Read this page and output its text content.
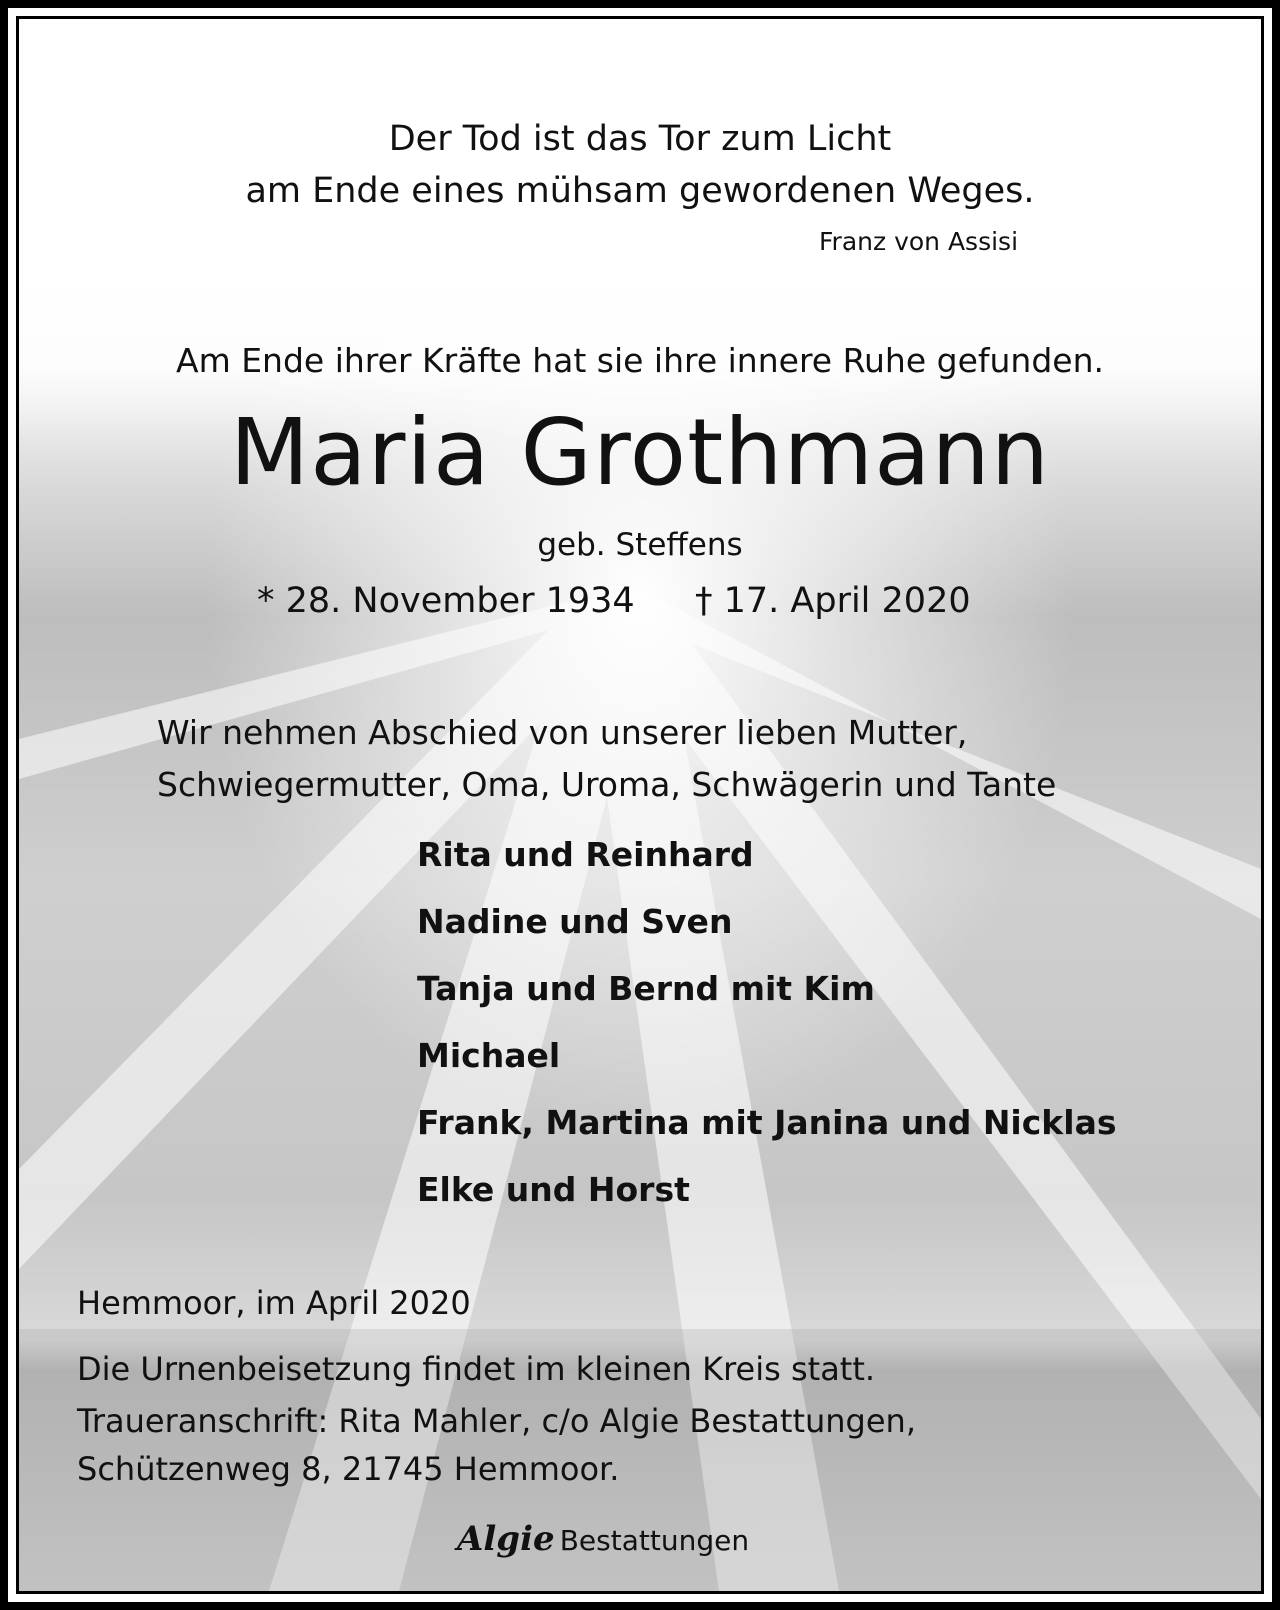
Der Tod ist das Tor zum Licht
am Ende eines mühsam gewordenen Weges.
Franz von Assisi
Am Ende ihrer Kräfte hat sie ihre innere Ruhe gefunden.
Maria Grothmann
geb. Steffens
* 28. November 1934 † 17. April 2020
Wir nehmen Abschied von unserer lieben Mutter,
Schwiegermutter, Oma, Uroma, Schwägerin und Tante
Rita und Reinhard
Nadine und Sven
Tanja und Bernd mit Kim
Michael
Frank, Martina mit Janina und Nicklas
Elke und Horst
Hemmoor, im April 2020
Die Urnenbeisetzung findet im kleinen Kreis statt.
Traueranschrift: Rita Mahler, c/o Algie Bestattungen,
Schützenweg 8, 21745 Hemmoor.
Algie Bestattungen
